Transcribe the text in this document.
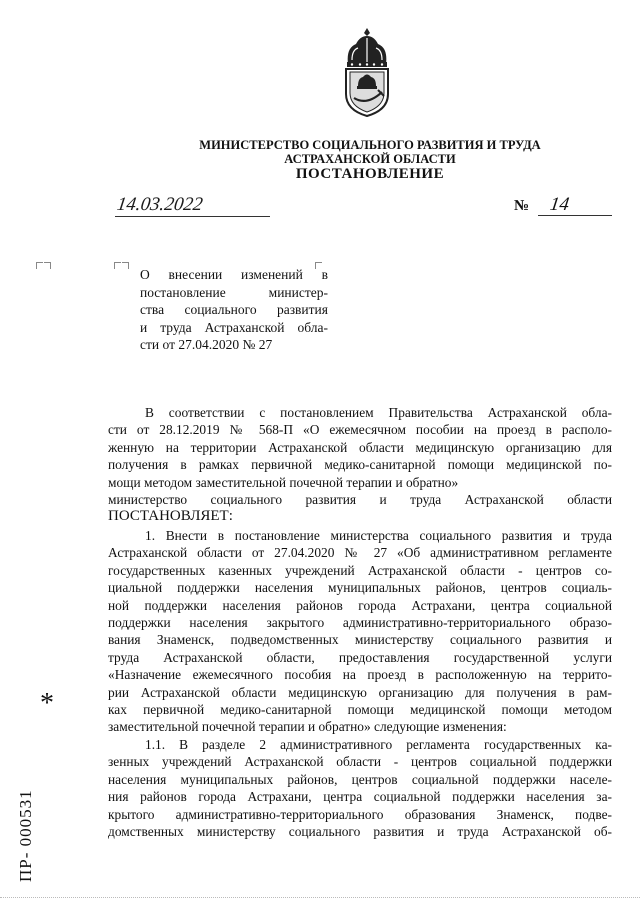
МИНИСТЕРСТВО СОЦИАЛЬНОГО РАЗВИТИЯ И ТРУДА
АСТРАХАНСКОЙ ОБЛАСТИ
ПОСТАНОВЛЕНИЕ
14.03.2022	№ 14
О внесении изменений в
постановление министер-
ства социального развития
и труда Астраханской обла-
сти от 27.04.2020 № 27
В соответствии с постановлением Правительства Астраханской обла-
сти от 28.12.2019 № 568-П «О ежемесячном пособии на проезд в располо-
женную на территории Астраханской области медицинскую организацию для
получения в рамках первичной медико-санитарной помощи медицинской по-
мощи методом заместительной почечной терапии и обратно»
министерство социального развития и труда Астраханской области
ПОСТАНОВЛЯЕТ:
1. Внести в постановление министерства социального развития и труда
Астраханской области от 27.04.2020 № 27 «Об административном регламенте
государственных казенных учреждений Астраханской области - центров со-
циальной поддержки населения муниципальных районов, центров социаль-
ной поддержки населения районов города Астрахани, центра социальной
поддержки населения закрытого административно-территориального образо-
вания Знаменск, подведомственных министерству социального развития и
труда Астраханской области, предоставления государственной услуги
«Назначение ежемесячного пособия на проезд в расположенную на террито-
рии Астраханской области медицинскую организацию для получения в рам-
ках первичной медико-санитарной помощи медицинской помощи методом
заместительной почечной терапии и обратно» следующие изменения:
1.1. В разделе 2 административного регламента государственных ка-
зенных учреждений Астраханской области - центров социальной поддержки
населения муниципальных районов, центров социальной поддержки населе-
ния районов города Астрахани, центра социальной поддержки населения за-
крытого административно-территориального образования Знаменск, подве-
домственных министерству социального развития и труда Астраханской об-
*
ПР- 000531
